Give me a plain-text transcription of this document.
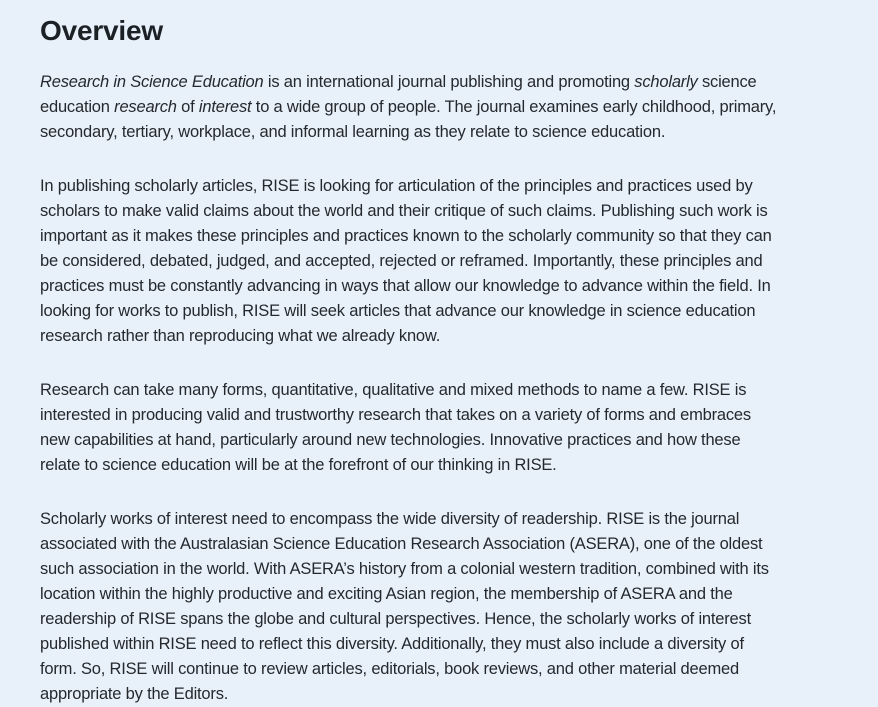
Overview

Research in Science Education is an international journal publishing and promoting scholarly science education research of interest to a wide group of people. The journal examines early childhood, primary, secondary, tertiary, workplace, and informal learning as they relate to science education.

In publishing scholarly articles, RISE is looking for articulation of the principles and practices used by scholars to make valid claims about the world and their critique of such claims. Publishing such work is important as it makes these principles and practices known to the scholarly community so that they can be considered, debated, judged, and accepted, rejected or reframed. Importantly, these principles and practices must be constantly advancing in ways that allow our knowledge to advance within the field. In looking for works to publish, RISE will seek articles that advance our knowledge in science education research rather than reproducing what we already know.

Research can take many forms, quantitative, qualitative and mixed methods to name a few. RISE is interested in producing valid and trustworthy research that takes on a variety of forms and embraces new capabilities at hand, particularly around new technologies. Innovative practices and how these relate to science education will be at the forefront of our thinking in RISE.

Scholarly works of interest need to encompass the wide diversity of readership. RISE is the journal associated with the Australasian Science Education Research Association (ASERA), one of the oldest such association in the world. With ASERA’s history from a colonial western tradition, combined with its location within the highly productive and exciting Asian region, the membership of ASERA and the readership of RISE spans the globe and cultural perspectives. Hence, the scholarly works of interest published within RISE need to reflect this diversity. Additionally, they must also include a diversity of form. So, RISE will continue to review articles, editorials, book reviews, and other material deemed appropriate by the Editors.
